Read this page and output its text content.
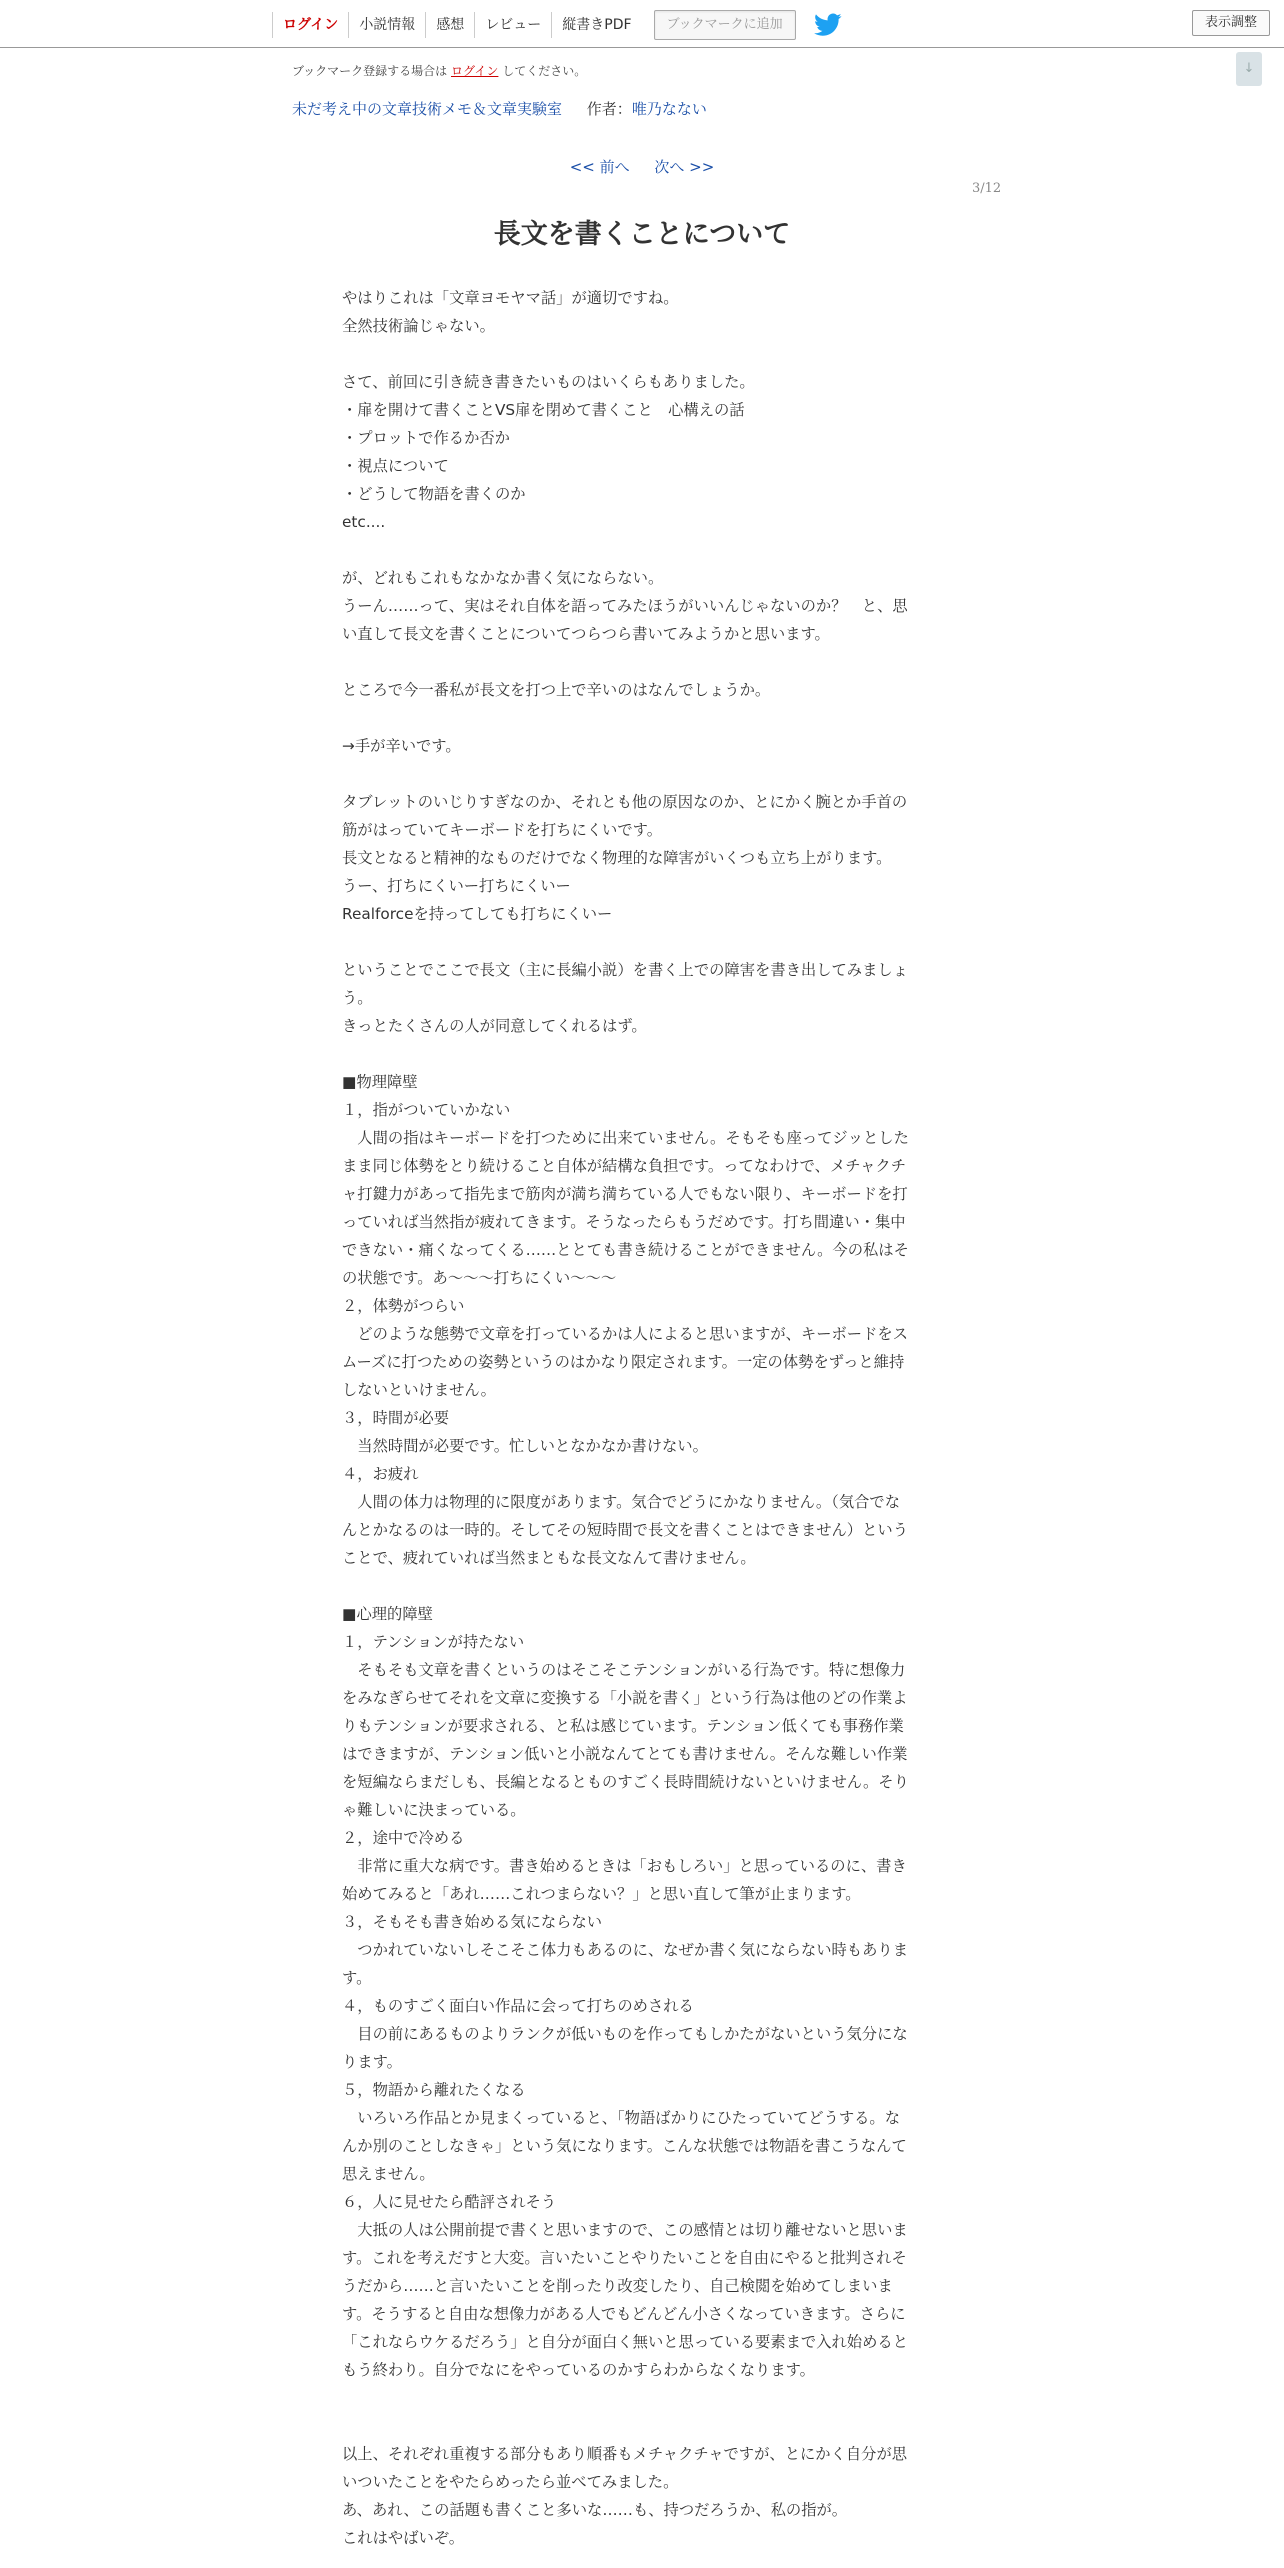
ログイン	小説情報	感想	レビュー	縦書きPDF	ブックマークに追加	表示調整
↓
ブックマーク登録する場合は ログイン してください。
未だ考え中の文章技術メモ＆文章実験室 作者：唯乃なない
<< 前へ 次へ >>
3/12
長文を書くことについて
やはりこれは「文章ヨモヤマ話」が適切ですね。
全然技術論じゃない。
さて、前回に引き続き書きたいものはいくらもありました。
・扉を開けて書くことVS扉を閉めて書くこと　心構えの話
・プロットで作るか否か
・視点について
・どうして物語を書くのか
etc....
が、どれもこれもなかなか書く気にならない。
うーん……って、実はそれ自体を語ってみたほうがいいんじゃないのか？　と、思
い直して長文を書くことについてつらつら書いてみようかと思います。
ところで今一番私が長文を打つ上で辛いのはなんでしょうか。
→手が辛いです。
タブレットのいじりすぎなのか、それとも他の原因なのか、とにかく腕とか手首の
筋がはっていてキーボードを打ちにくいです。
長文となると精神的なものだけでなく物理的な障害がいくつも立ち上がります。
うー、打ちにくいー打ちにくいー
Realforceを持ってしても打ちにくいー
ということでここで長文（主に長編小説）を書く上での障害を書き出してみましょ
う。
きっとたくさんの人が同意してくれるはず。
■物理障壁
１，指がついていかない
　人間の指はキーボードを打つために出来ていません。そもそも座ってジッとした
まま同じ体勢をとり続けること自体が結構な負担です。ってなわけで、メチャクチ
ャ打鍵力があって指先まで筋肉が満ち満ちている人でもない限り、キーボードを打
っていれば当然指が疲れてきます。そうなったらもうだめです。打ち間違い・集中
できない・痛くなってくる……ととても書き続けることができません。今の私はそ
の状態です。あ～～～打ちにくい～～～
２，体勢がつらい
　どのような態勢で文章を打っているかは人によると思いますが、キーボードをス
ムーズに打つための姿勢というのはかなり限定されます。一定の体勢をずっと維持
しないといけません。
３，時間が必要
　当然時間が必要です。忙しいとなかなか書けない。
４，お疲れ
　人間の体力は物理的に限度があります。気合でどうにかなりません。（気合でな
んとかなるのは一時的。そしてその短時間で長文を書くことはできません）という
ことで、疲れていれば当然まともな長文なんて書けません。
■心理的障壁
１，テンションが持たない
　そもそも文章を書くというのはそこそこテンションがいる行為です。特に想像力
をみなぎらせてそれを文章に変換する「小説を書く」という行為は他のどの作業よ
りもテンションが要求される、と私は感じています。テンション低くても事務作業
はできますが、テンション低いと小説なんてとても書けません。そんな難しい作業
を短編ならまだしも、長編となるとものすごく長時間続けないといけません。そり
ゃ難しいに決まっている。
２，途中で冷める
　非常に重大な病です。書き始めるときは「おもしろい」と思っているのに、書き
始めてみると「あれ……これつまらない？」と思い直して筆が止まります。
３，そもそも書き始める気にならない
　つかれていないしそこそこ体力もあるのに、なぜか書く気にならない時もありま
す。
４，ものすごく面白い作品に会って打ちのめされる
　目の前にあるものよりランクが低いものを作ってもしかたがないという気分にな
ります。
５，物語から離れたくなる
　いろいろ作品とか見まくっていると、「物語ばかりにひたっていてどうする。な
んか別のことしなきゃ」という気になります。こんな状態では物語を書こうなんて
思えません。
６，人に見せたら酷評されそう
　大抵の人は公開前提で書くと思いますので、この感情とは切り離せないと思いま
す。これを考えだすと大変。言いたいことやりたいことを自由にやると批判されそ
うだから……と言いたいことを削ったり改変したり、自己検閲を始めてしまいま
す。そうすると自由な想像力がある人でもどんどん小さくなっていきます。さらに
「これならウケるだろう」と自分が面白く無いと思っている要素まで入れ始めると
もう終わり。自分でなにをやっているのかすらわからなくなります。
以上、それぞれ重複する部分もあり順番もメチャクチャですが、とにかく自分が思
いついたことをやたらめったら並べてみました。
あ、あれ、この話題も書くこと多いな……も、持つだろうか、私の指が。
これはやばいぞ。
